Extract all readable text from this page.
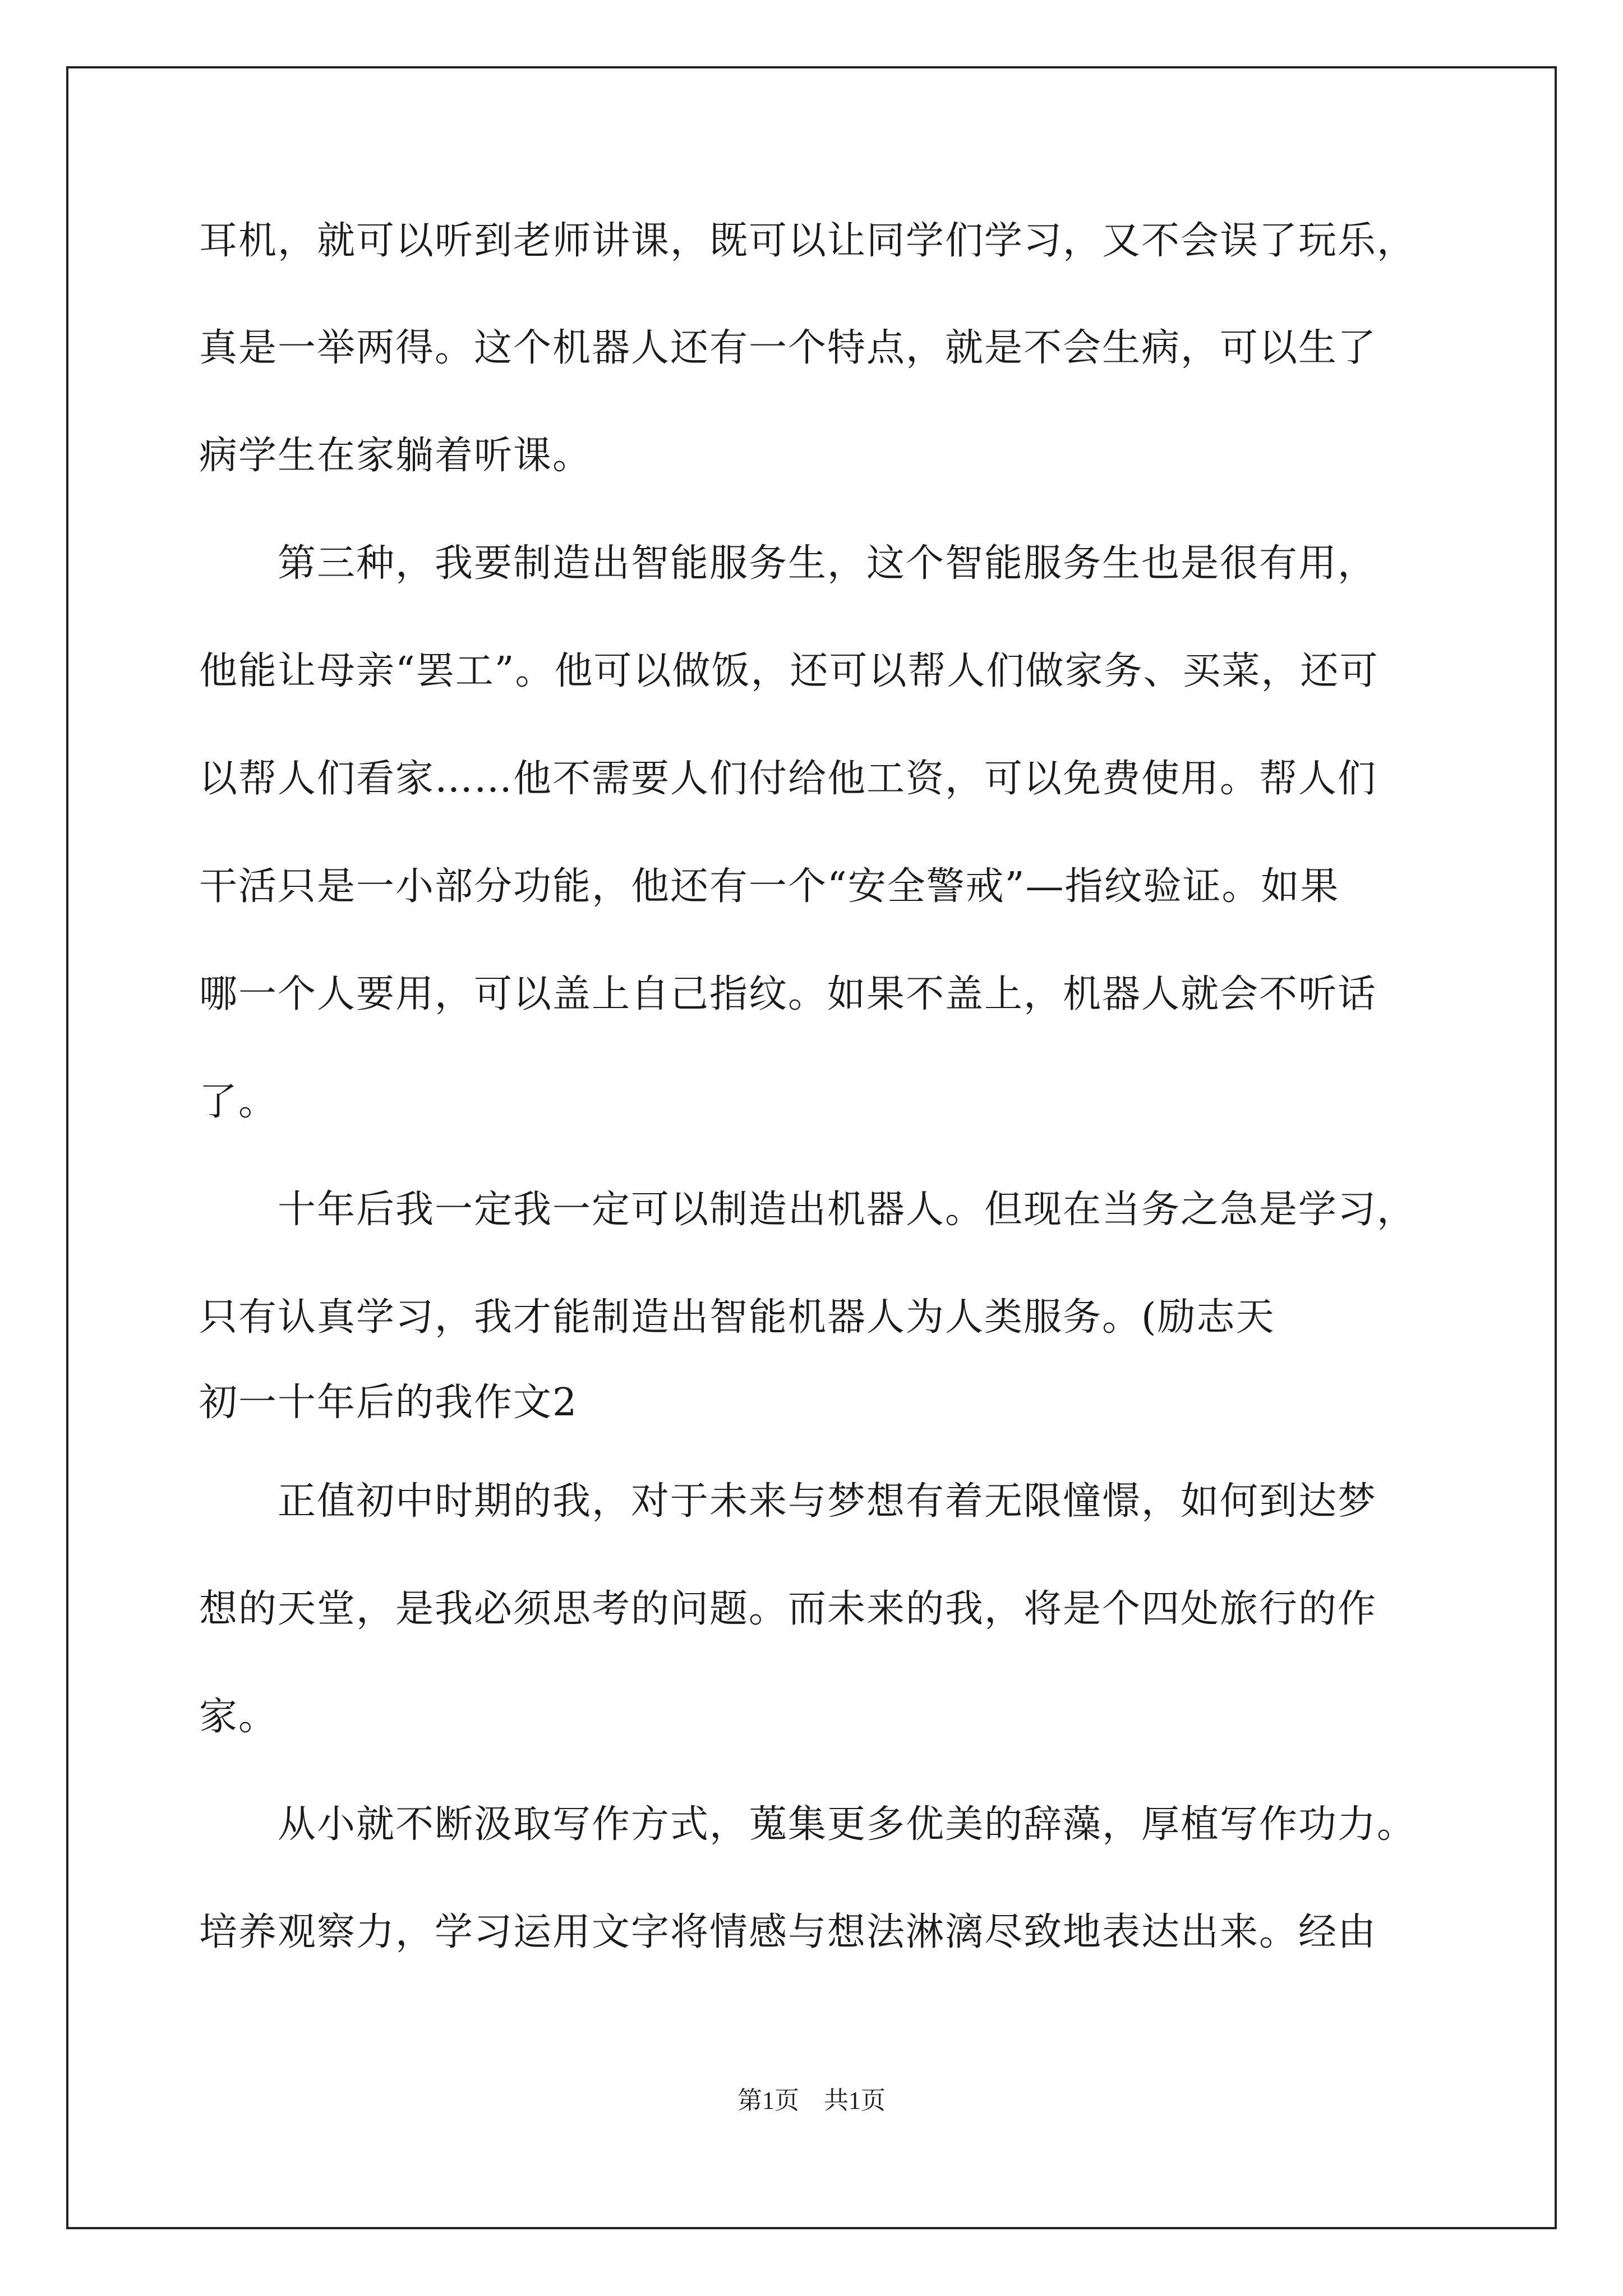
耳机，就可以听到老师讲课，既可以让同学们学习，又不会误了玩乐，
真是一举两得。这个机器人还有一个特点，就是不会生病，可以生了
病学生在家躺着听课。
　　第三种，我要制造出智能服务生，这个智能服务生也是很有用，
他能让母亲“罢工”。他可以做饭，还可以帮人们做家务、买菜，还可
以帮人们看家……他不需要人们付给他工资，可以免费使用。帮人们
干活只是一小部分功能，他还有一个“安全警戒”—指纹验证。如果
哪一个人要用，可以盖上自己指纹。如果不盖上，机器人就会不听话
了。
　　十年后我一定我一定可以制造出机器人。但现在当务之急是学习，
只有认真学习，我才能制造出智能机器人为人类服务。(励志天
初一十年后的我作文2
　　正值初中时期的我，对于未来与梦想有着无限憧憬，如何到达梦
想的天堂，是我必须思考的问题。而未来的我，将是个四处旅行的作
家。
　　从小就不断汲取写作方式，蒐集更多优美的辞藻，厚植写作功力。
培养观察力，学习运用文字将情感与想法淋漓尽致地表达出来。经由
第1页　共1页
